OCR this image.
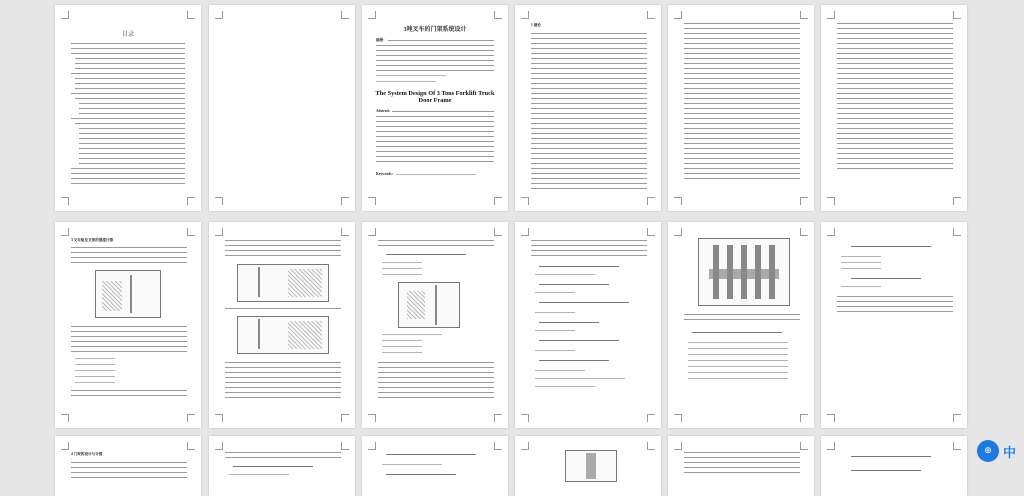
目录
3吨叉车的门架系统设计
摘要：
The System Design Of 3 Tons Forklift Truck Door Frame
Abstract:
Keywords:
1 绪论
3 叉车组及叉架的强度计算
4 门架的设计与计算	⊕ 中
